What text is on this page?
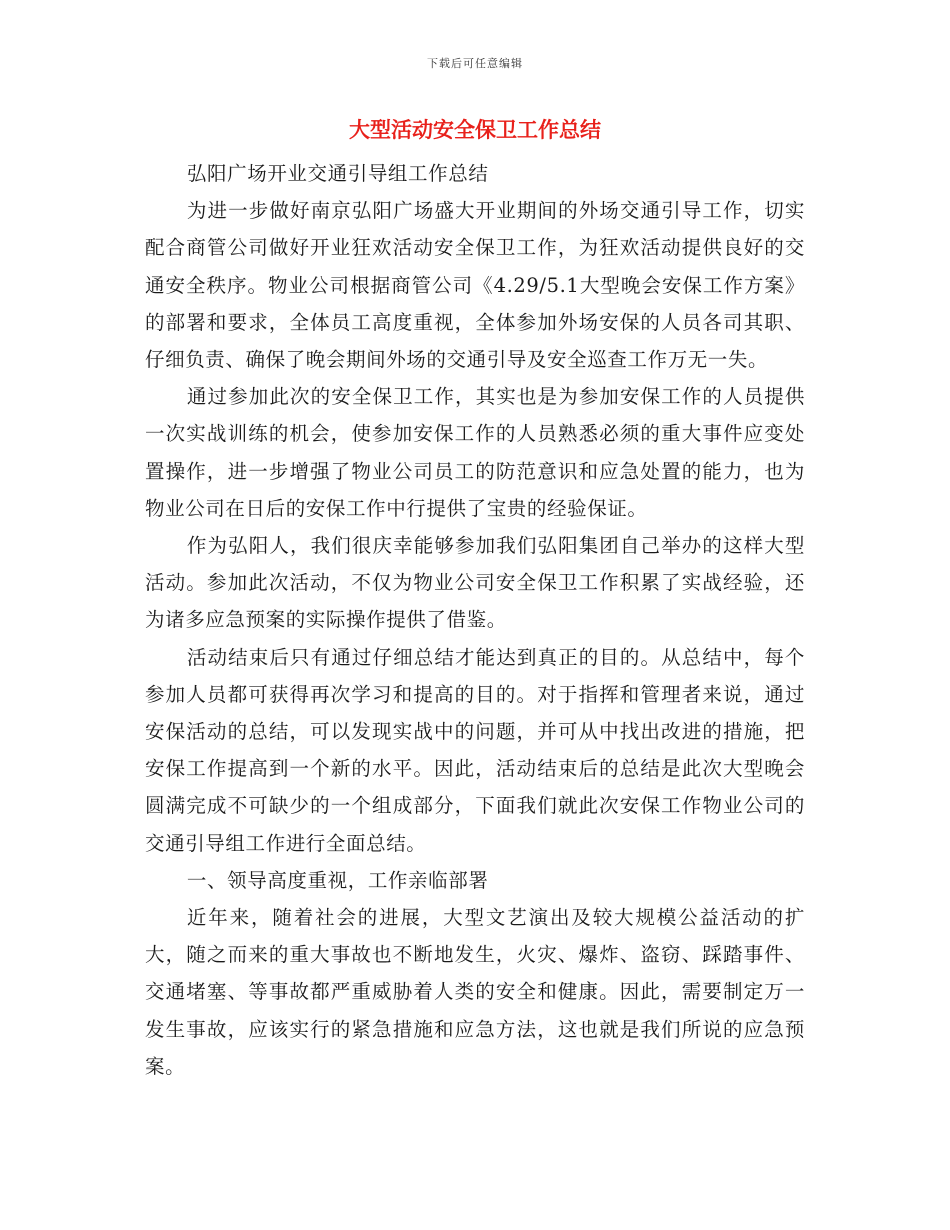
下载后可任意编辑
大型活动安全保卫工作总结

弘阳广场开业交通引导组工作总结

为进一步做好南京弘阳广场盛大开业期间的外场交通引导工作，切实配合商管公司做好开业狂欢活动安全保卫工作，为狂欢活动提供良好的交通安全秩序。物业公司根据商管公司《4.29/5.1大型晚会安保工作方案》的部署和要求，全体员工高度重视，全体参加外场安保的人员各司其职、仔细负责、确保了晚会期间外场的交通引导及安全巡查工作万无一失。

通过参加此次的安全保卫工作，其实也是为参加安保工作的人员提供一次实战训练的机会，使参加安保工作的人员熟悉必须的重大事件应变处置操作，进一步增强了物业公司员工的防范意识和应急处置的能力，也为物业公司在日后的安保工作中行提供了宝贵的经验保证。

作为弘阳人，我们很庆幸能够参加我们弘阳集团自己举办的这样大型活动。参加此次活动，不仅为物业公司安全保卫工作积累了实战经验，还为诸多应急预案的实际操作提供了借鉴。

活动结束后只有通过仔细总结才能达到真正的目的。从总结中，每个参加人员都可获得再次学习和提高的目的。对于指挥和管理者来说，通过安保活动的总结，可以发现实战中的问题，并可从中找出改进的措施，把安保工作提高到一个新的水平。因此，活动结束后的总结是此次大型晚会圆满完成不可缺少的一个组成部分，下面我们就此次安保工作物业公司的交通引导组工作进行全面总结。

一、领导高度重视，工作亲临部署

近年来，随着社会的进展，大型文艺演出及较大规模公益活动的扩大，随之而来的重大事故也不断地发生，火灾、爆炸、盗窃、踩踏事件、交通堵塞、等事故都严重威胁着人类的安全和健康。因此，需要制定万一发生事故，应该实行的紧急措施和应急方法，这也就是我们所说的应急预案。
